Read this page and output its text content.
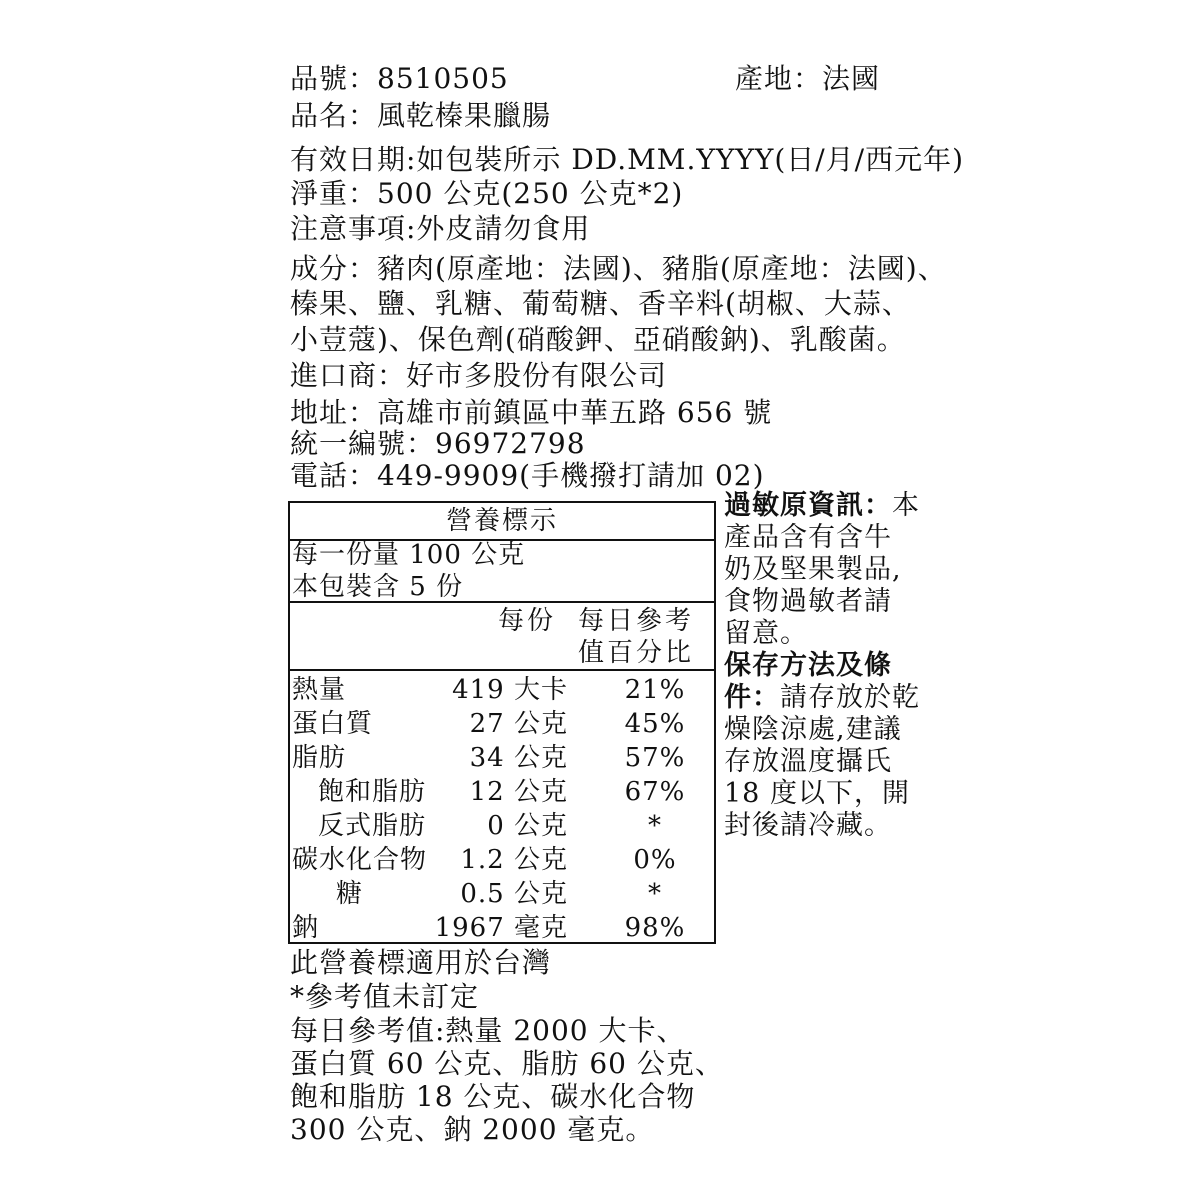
品號：8510505	產地：法國
品名：風乾榛果臘腸
有效日期:如包裝所示 DD.MM.YYYY(日/月/西元年)
淨重：500 公克(250 公克*2)
注意事項:外皮請勿食用
成分：豬肉(原產地：法國)、豬脂(原產地：法國)、
榛果、鹽、乳糖、葡萄糖、香辛料(胡椒、大蒜、
小荳蔻)、保色劑(硝酸鉀、亞硝酸鈉)、乳酸菌。
進口商：好市多股份有限公司
地址：高雄市前鎮區中華五路 656 號
統一編號：96972798
電話：449-9909(手機撥打請加 02)
營養標示
每一份量 100 公克
本包裝含 5 份
每份 每日參考
值百分比
熱量	419 大卡 21%
蛋白質	27 公克 45%
脂肪	34 公克 57%
飽和脂肪 12 公克 67%
反式脂肪 0 公克	*
碳水化合物 1.2 公克	0%
糖	0.5 公克	*
鈉	1967 毫克 98%
過敏原資訊：本
產品含有含牛
奶及堅果製品,
食物過敏者請
留意。
保存方法及條
件：請存放於乾
燥陰涼處,建議
存放溫度攝氏
18 度以下，開
封後請冷藏。
此營養標適用於台灣
*參考值未訂定
每日參考值:熱量 2000 大卡、
蛋白質 60 公克、脂肪 60 公克、
飽和脂肪 18 公克、碳水化合物
300 公克、鈉 2000 毫克。
